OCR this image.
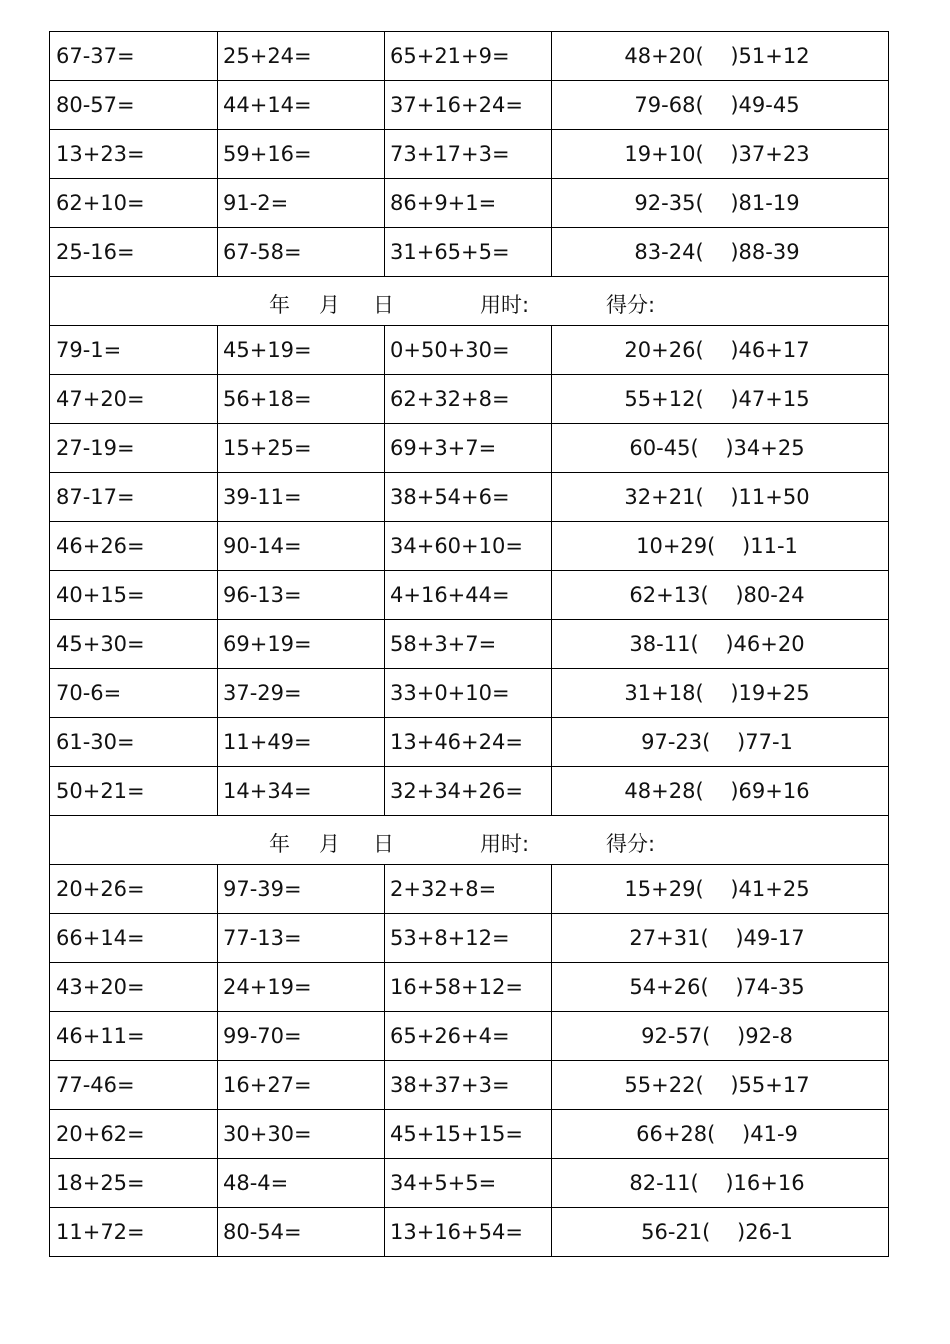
67-37=	25+24=	65+21+9=	48+20(    )51+12
80-57=	44+14=	37+16+24=	79-68(    )49-45
13+23=	59+16=	73+17+3=	19+10(    )37+23
62+10=	91-2=	86+9+1=	92-35(    )81-19
25-16=	67-58=	31+65+5=	83-24(    )88-39

年 月 日 用时: 得分:			

79-1=	45+19=	0+50+30=	20+26(    )46+17
47+20=	56+18=	62+32+8=	55+12(    )47+15
27-19=	15+25=	69+3+7=	60-45(    )34+25
87-17=	39-11=	38+54+6=	32+21(    )11+50
46+26=	90-14=	34+60+10=	10+29(    )11-1
40+15=	96-13=	4+16+44=	62+13(    )80-24
45+30=	69+19=	58+3+7=	38-11(    )46+20
70-6=	37-29=	33+0+10=	31+18(    )19+25
61-30=	11+49=	13+46+24=	97-23(    )77-1
50+21=	14+34=	32+34+26=	48+28(    )69+16

年 月 日 用时: 得分:			

20+26=	97-39=	2+32+8=	15+29(    )41+25
66+14=	77-13=	53+8+12=	27+31(    )49-17
43+20=	24+19=	16+58+12=	54+26(    )74-35
46+11=	99-70=	65+26+4=	92-57(    )92-8
77-46=	16+27=	38+37+3=	55+22(    )55+17
20+62=	30+30=	45+15+15=	66+28(    )41-9
18+25=	48-4=	34+5+5=	82-11(    )16+16
11+72=	80-54=	13+16+54=	56-21(    )26-1
